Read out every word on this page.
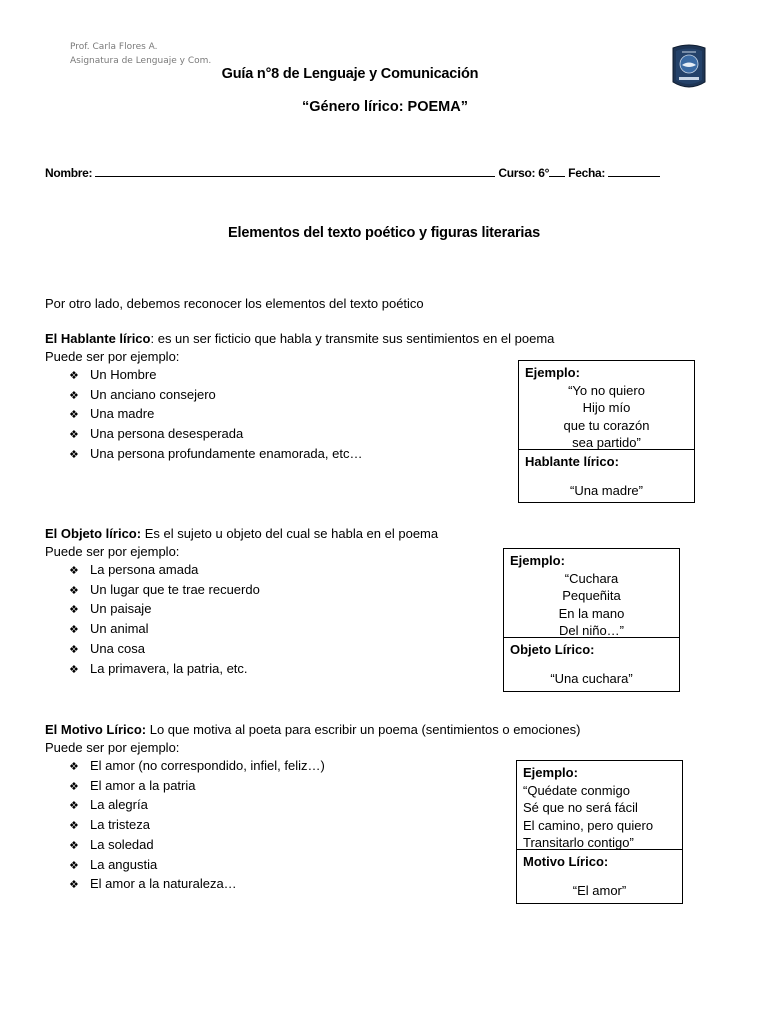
Prof. Carla Flores A.
Asignatura de Lenguaje y Com.
Guía n°8 de Lenguaje y Comunicación
“Género lírico: POEMA”
Nombre:	Curso: 6° Fecha:
Elementos del texto poético y figuras literarias
Por otro lado, debemos reconocer los elementos del texto poético
El Hablante lírico: es un ser ficticio que habla y transmite sus sentimientos en el poema
Puede ser por ejemplo:
❖ Un Hombre
❖ Un anciano consejero
❖ Una madre
❖ Una persona desesperada
❖ Una persona profundamente enamorada, etc…
Ejemplo:
“Yo no quiero
Hijo mío
que tu corazón
sea partido”
Hablante lírico:
“Una madre”
El Objeto lírico: Es el sujeto u objeto del cual se habla en el poema
Puede ser por ejemplo:
❖ La persona amada
❖ Un lugar que te trae recuerdo
❖ Un paisaje
❖ Un animal
❖ Una cosa
❖ La primavera, la patria, etc.
Ejemplo:
“Cuchara
Pequeñita
En la mano
Del niño…”
Objeto Lírico:
“Una cuchara”
El Motivo Lírico: Lo que motiva al poeta para escribir un poema (sentimientos o emociones)
Puede ser por ejemplo:
❖ El amor (no correspondido, infiel, feliz…)
❖ El amor a la patria
❖ La alegría
❖ La tristeza
❖ La soledad
❖ La angustia
❖ El amor a la naturaleza…
Ejemplo:
“Quédate conmigo
Sé que no será fácil
El camino, pero quiero
Transitarlo contigo”
Motivo Lírico:
“El amor”
